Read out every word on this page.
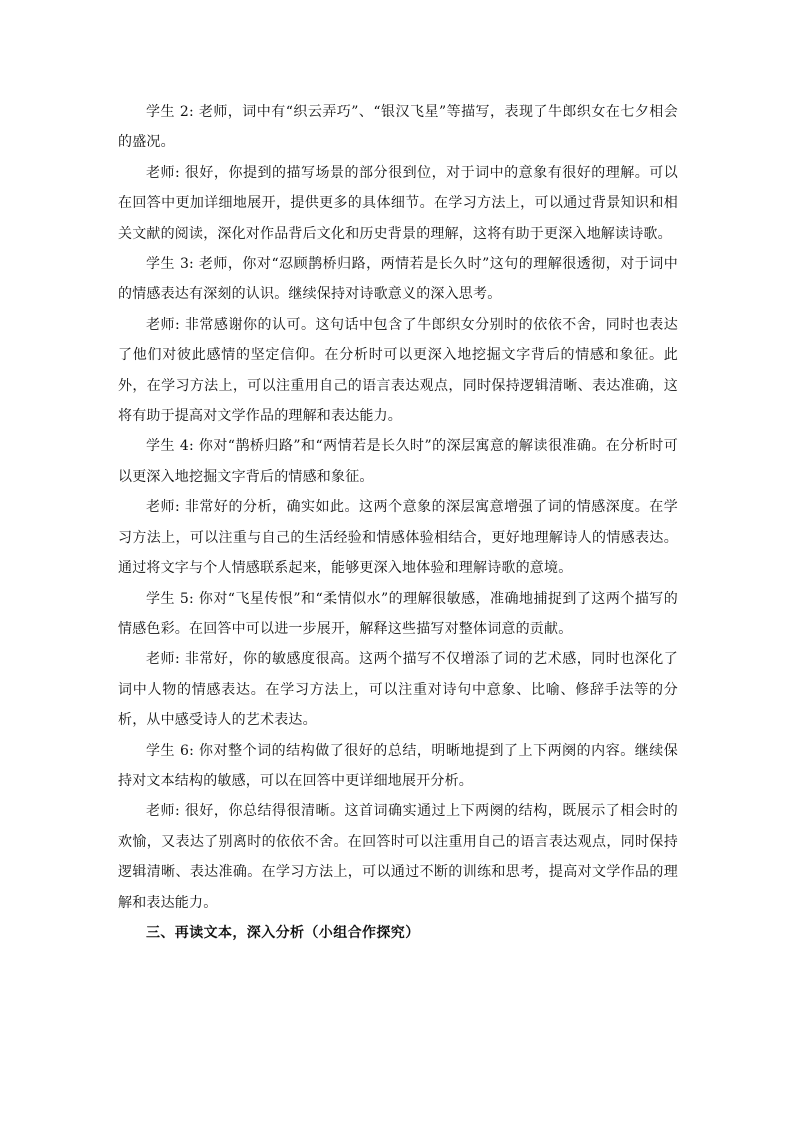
学生 2: 老师，词中有“织云弄巧”、“银汉飞星”等描写，表现了牛郎织女在七夕相会的盛况。

老师: 很好，你提到的描写场景的部分很到位，对于词中的意象有很好的理解。可以在回答中更加详细地展开，提供更多的具体细节。在学习方法上，可以通过背景知识和相关文献的阅读，深化对作品背后文化和历史背景的理解，这将有助于更深入地解读诗歌。

学生 3: 老师，你对“忍顾鹊桥归路，两情若是长久时”这句的理解很透彻，对于词中的情感表达有深刻的认识。继续保持对诗歌意义的深入思考。

老师: 非常感谢你的认可。这句话中包含了牛郎织女分别时的依依不舍，同时也表达了他们对彼此感情的坚定信仰。在分析时可以更深入地挖掘文字背后的情感和象征。此外，在学习方法上，可以注重用自己的语言表达观点，同时保持逻辑清晰、表达准确，这将有助于提高对文学作品的理解和表达能力。

学生 4: 你对“鹊桥归路”和“两情若是长久时”的深层寓意的解读很准确。在分析时可以更深入地挖掘文字背后的情感和象征。

老师: 非常好的分析，确实如此。这两个意象的深层寓意增强了词的情感深度。在学习方法上，可以注重与自己的生活经验和情感体验相结合，更好地理解诗人的情感表达。通过将文字与个人情感联系起来，能够更深入地体验和理解诗歌的意境。

学生 5: 你对“飞星传恨”和“柔情似水”的理解很敏感，准确地捕捉到了这两个描写的情感色彩。在回答中可以进一步展开，解释这些描写对整体词意的贡献。

老师: 非常好，你的敏感度很高。这两个描写不仅增添了词的艺术感，同时也深化了词中人物的情感表达。在学习方法上，可以注重对诗句中意象、比喻、修辞手法等的分析，从中感受诗人的艺术表达。

学生 6: 你对整个词的结构做了很好的总结，明晰地提到了上下两阕的内容。继续保持对文本结构的敏感，可以在回答中更详细地展开分析。

老师: 很好，你总结得很清晰。这首词确实通过上下两阕的结构，既展示了相会时的欢愉，又表达了别离时的依依不舍。在回答时可以注重用自己的语言表达观点，同时保持逻辑清晰、表达准确。在学习方法上，可以通过不断的训练和思考，提高对文学作品的理解和表达能力。

三、再读文本，深入分析（小组合作探究）
